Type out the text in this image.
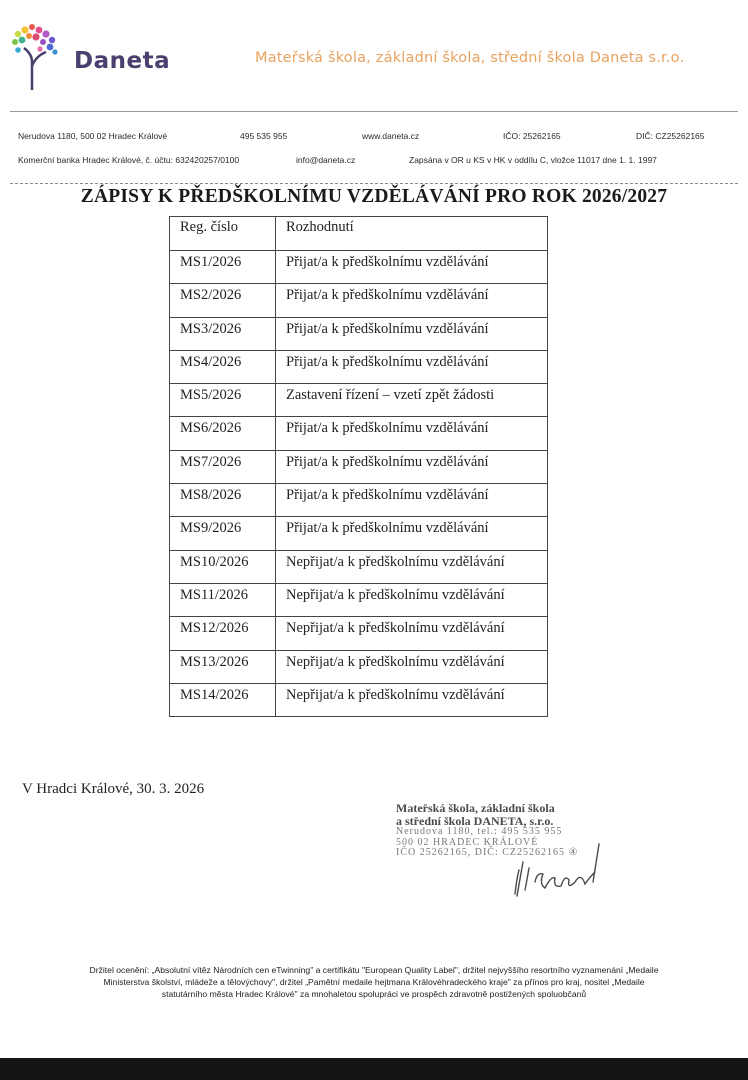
Daneta	Mateřská škola, základní škola, střední škola Daneta s.r.o.
Nerudova 1180, 500 02 Hradec Králové	495 535 955	www.daneta.cz	IČO: 25262165	DIČ: CZ25262165
Komerční banka Hradec Králové, č. účtu: 632420257/0100	info@daneta.cz	Zapsána v OR u KS v HK v oddílu C, vložce 11017 dne 1. 1. 1997
ZÁPISY K PŘEDŠKOLNÍMU VZDĚLÁVÁNÍ PRO ROK 2026/2027
Reg. číslo	Rozhodnutí
MS1/2026	Přijat/a k předškolnímu vzdělávání
MS2/2026	Přijat/a k předškolnímu vzdělávání
MS3/2026	Přijat/a k předškolnímu vzdělávání
MS4/2026	Přijat/a k předškolnímu vzdělávání
MS5/2026	Zastavení řízení – vzetí zpět žádosti
MS6/2026	Přijat/a k předškolnímu vzdělávání
MS7/2026	Přijat/a k předškolnímu vzdělávání
MS8/2026	Přijat/a k předškolnímu vzdělávání
MS9/2026	Přijat/a k předškolnímu vzdělávání
MS10/2026	Nepřijat/a k předškolnímu vzdělávání
MS11/2026	Nepřijat/a k předškolnímu vzdělávání
MS12/2026	Nepřijat/a k předškolnímu vzdělávání
MS13/2026	Nepřijat/a k předškolnímu vzdělávání
MS14/2026	Nepřijat/a k předškolnímu vzdělávání
V Hradci Králové, 30. 3. 2026
Mateřská škola, základní škola
a střední škola DANETA, s.r.o.
Nerudova 1180, tel.: 495 535 955
500 02 HRADEC KRÁLOVÉ
IČO 25262165, DIČ: CZ25262165 ④
Držitel ocenění: „Absolutní vítěz Národních cen eTwinning" a certifikátu "European Quality Label", držitel nejvyššího resortního vyznamenání „Medaile
Ministerstva školství, mládeže a tělovýchovy", držitel „Pamětní medaile hejtmana Královéhradeckého kraje" za přínos pro kraj, nositel „Medaile
statutárního města Hradec Králové" za mnohaletou spolupráci ve prospěch zdravotně postižených spoluobčanů
